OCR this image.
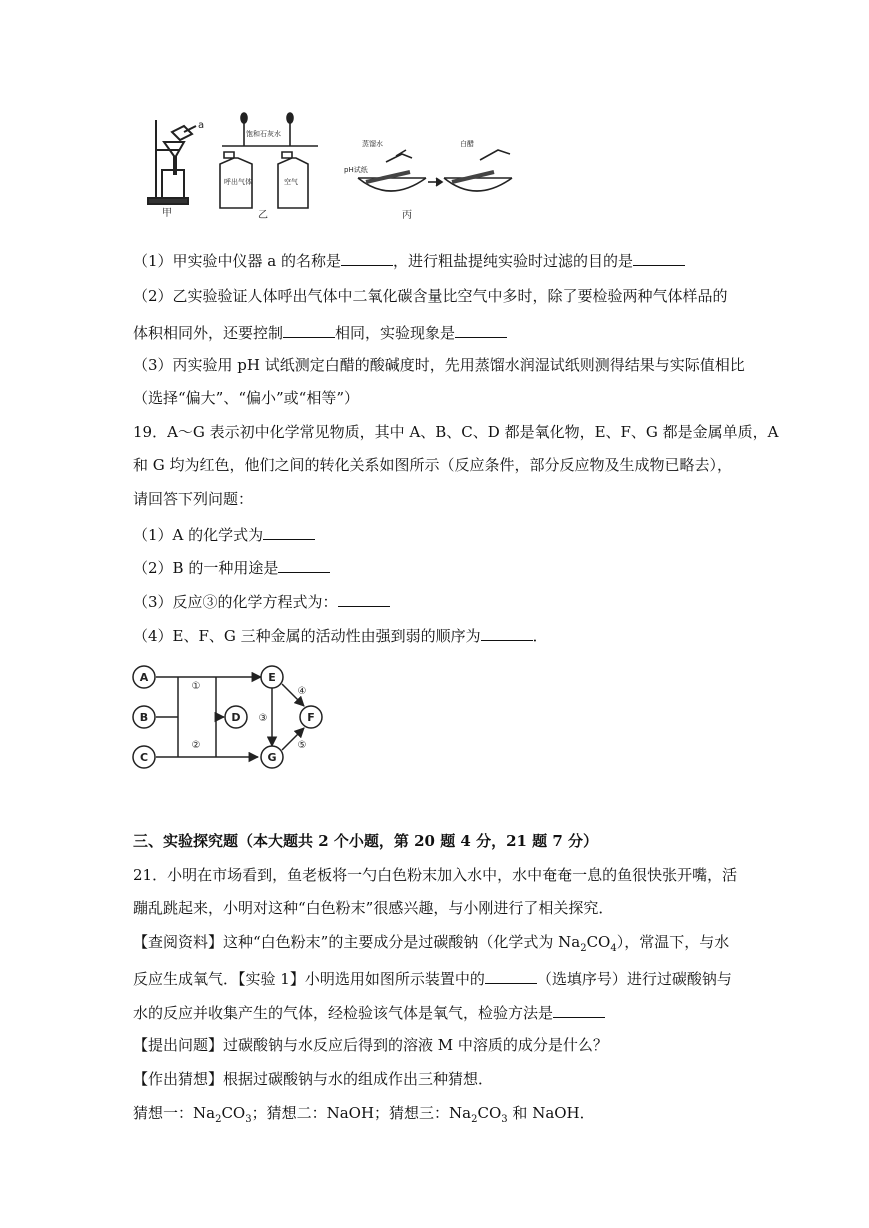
a
甲
饱和石灰水
呼出气体	空气
乙
蒸馏水
pH试纸
白醋
丙
（1）甲实验中仪器 a 的名称是	，进行粗盐提纯实验时过滤的目的是
（2）乙实验验证人体呼出气体中二氧化碳含量比空气中多时，除了要检验两种气体样品的
体积相同外，还要控制	相同，实验现象是
（3）丙实验用 pH 试纸测定白醋的酸碱度时，先用蒸馏水润湿试纸则测得结果与实际值相比
（选择“偏大”、“偏小”或“相等”）
19．A～G 表示初中化学常见物质，其中 A、B、C、D 都是氧化物，E、F、G 都是金属单质，A
和 G 均为红色，他们之间的转化关系如图所示（反应条件，部分反应物及生成物已略去），
请回答下列问题：
（1）A 的化学式为
（2）B 的一种用途是
（3）反应③的化学方程式为：
（4）E、F、G 三种金属的活动性由强到弱的顺序为	．
A
B
C
D
E
F
G
①
②
③
④
⑤
三、实验探究题（本大题共 2 个小题，第 20 题 4 分，21 题 7 分）
21．小明在市场看到，鱼老板将一勺白色粉末加入水中，水中奄奄一息的鱼很快张开嘴，活
蹦乱跳起来，小明对这种“白色粉末”很感兴趣，与小刚进行了相关探究．
【查阅资料】这种“白色粉末”的主要成分是过碳酸钠（化学式为 $Na_2CO_4$），常温下，与水
反应生成氧气．【实验 1】小明选用如图所示装置中的	（选填序号）进行过碳酸钠与
水的反应并收集产生的气体，经检验该气体是氧气，检验方法是
【提出问题】过碳酸钠与水反应后得到的溶液 M 中溶质的成分是什么？
【作出猜想】根据过碳酸钠与水的组成作出三种猜想．
猜想一：$Na_2CO_3$；猜想二：NaOH；猜想三：$Na_2CO_3$ 和 NaOH．
